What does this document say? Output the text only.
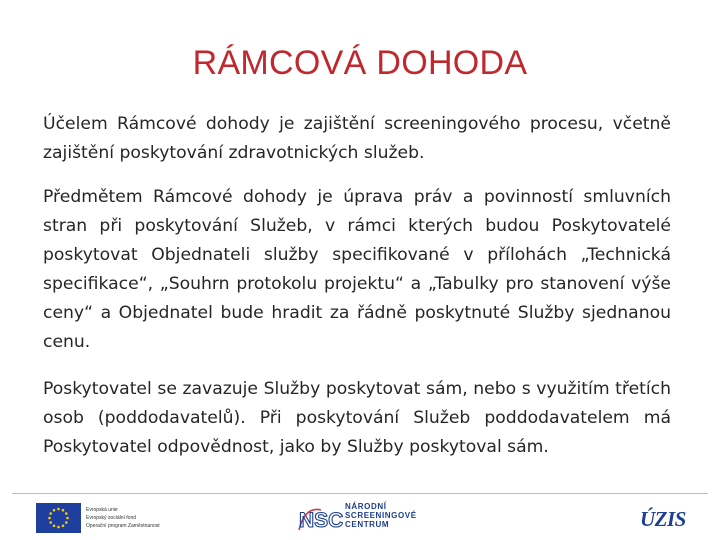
RÁMCOVÁ DOHODA

Účelem Rámcové dohody je zajištění screeningového procesu, včetně zajištění poskytování zdravotnických služeb.

Předmětem Rámcové dohody je úprava práv a povinností smluvních stran při poskytování Služeb, v rámci kterých budou Poskytovatelé poskytovat Objednateli služby specifikované v přílohách „Technická specifikace“, „Souhrn protokolu projektu“ a „Tabulky pro stanovení výše ceny“ a Objednatel bude hradit za řádně poskytnuté Služby sjednanou cenu.

Poskytovatel se zavazuje Služby poskytovat sám, nebo s využitím třetích osob (poddodavatelů). Při poskytování Služeb poddodavatelem má Poskytovatel odpovědnost, jako by Služby poskytoval sám.

Evropská unie
Evropský sociální fond
Operační program Zaměstnanost	NSC
NÁRODNÍ
SCREENINGOVÉ
CENTRUM	ÚZIS
